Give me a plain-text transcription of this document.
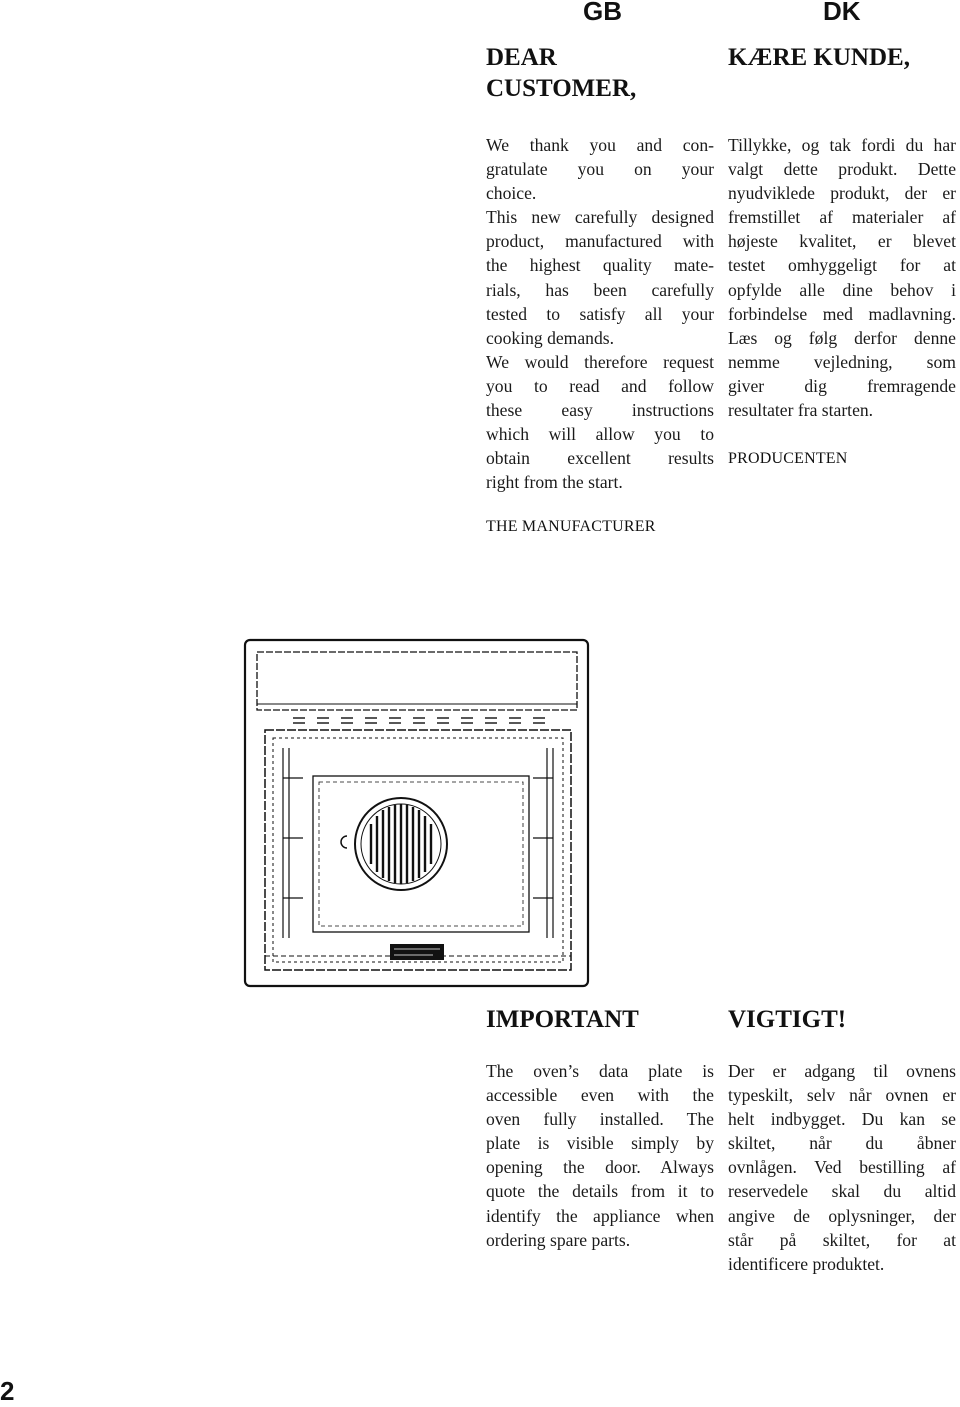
GB	DK
DEAR
CUSTOMER,
KÆRE KUNDE,
We thank you and con-
gratulate you on your
choice.
This new carefully designed
product, manufactured with
the highest quality mate-
rials, has been carefully
tested to satisfy all your
cooking demands.
We would therefore request
you to read and follow
these easy instructions
which will allow you to
obtain excellent results
right from the start.
Tillykke, og tak fordi du har
valgt dette produkt. Dette
nyudviklede produkt, der er
fremstillet af materialer af
højeste kvalitet, er blevet
testet omhyggeligt for at
opfylde alle dine behov i
forbindelse med madlavning.
Læs og følg derfor denne
nemme vejledning, som
giver dig fremragende
resultater fra starten.
PRODUCENTEN
THE MANUFACTURER
IMPORTANT	VIGTIGT!
The oven’s data plate is
accessible even with the
oven fully installed. The
plate is visible simply by
opening the door. Always
quote the details from it to
identify the appliance when
ordering spare parts.
Der er adgang til ovnens
typeskilt, selv når ovnen er
helt indbygget. Du kan se
skiltet, når du åbner
ovnlågen. Ved bestilling af
reservedele skal du altid
angive de oplysninger, der
står på skiltet, for at
identificere produktet.
2
